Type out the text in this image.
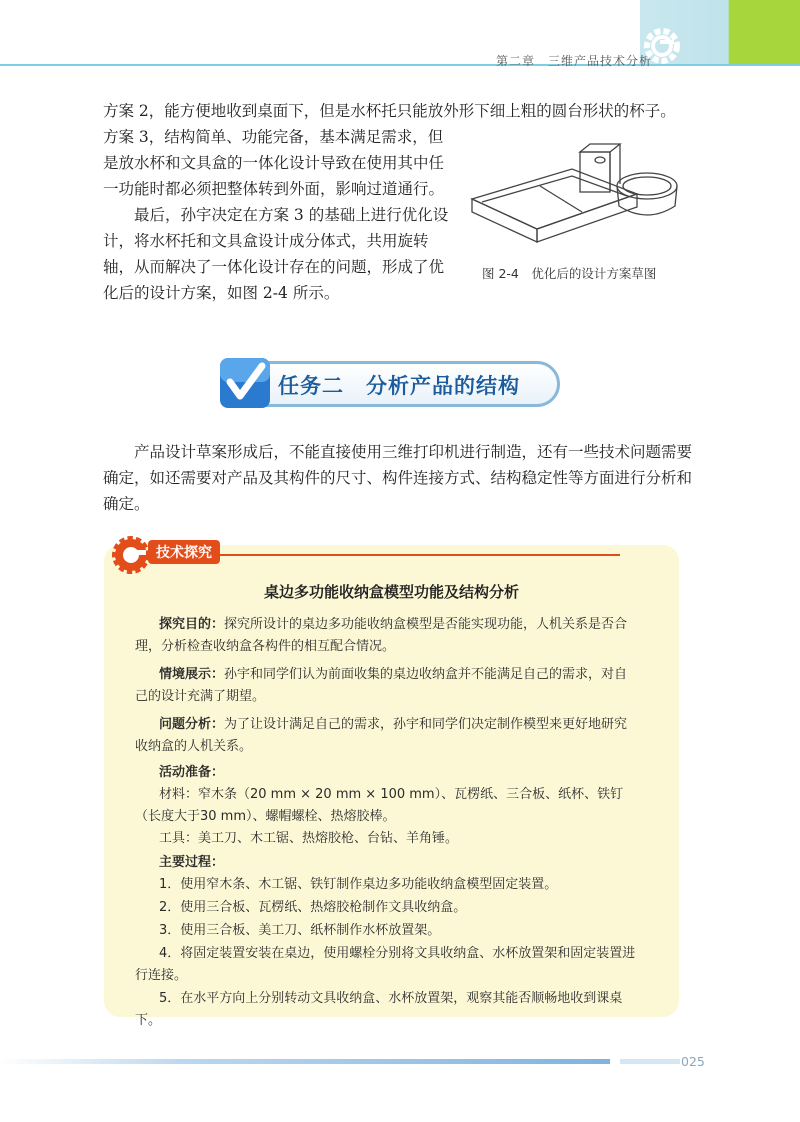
第二章　三维产品技术分析
方案 2，能方便地收到桌面下，但是水杯托只能放外形下细上粗的圆台形状的杯子。
方案 3，结构简单、功能完备，基本满足需求，但是放水杯和文具盒的一体化设计导致在使用其中任一功能时都必须把整体转到外面，影响过道通行。
最后，孙宇决定在方案 3 的基础上进行优化设计，将水杯托和文具盒设计成分体式，共用旋转轴，从而解决了一体化设计存在的问题，形成了优化后的设计方案，如图 2-4 所示。
图 2-4　优化后的设计方案草图
任务二 分析产品的结构
产品设计草案形成后，不能直接使用三维打印机进行制造，还有一些技术问题需要确定，如还需要对产品及其构件的尺寸、构件连接方式、结构稳定性等方面进行分析和确定。
技术探究
桌边多功能收纳盒模型功能及结构分析
探究目的：探究所设计的桌边多功能收纳盒模型是否能实现功能，人机关系是否合理，分析检查收纳盒各构件的相互配合情况。
情境展示：孙宇和同学们认为前面收集的桌边收纳盒并不能满足自己的需求，对自己的设计充满了期望。
问题分析：为了让设计满足自己的需求，孙宇和同学们决定制作模型来更好地研究收纳盒的人机关系。
活动准备：
材料：窄木条（20 mm × 20 mm × 100 mm）、瓦楞纸、三合板、纸杯、铁钉（长度大于30 mm）、螺帽螺栓、热熔胶棒。
工具：美工刀、木工锯、热熔胶枪、台钻、羊角锤。
主要过程：
1．使用窄木条、木工锯、铁钉制作桌边多功能收纳盒模型固定装置。
2．使用三合板、瓦楞纸、热熔胶枪制作文具收纳盒。
3．使用三合板、美工刀、纸杯制作水杯放置架。
4．将固定装置安装在桌边，使用螺栓分别将文具收纳盒、水杯放置架和固定装置进行连接。
5．在水平方向上分别转动文具收纳盒、水杯放置架，观察其能否顺畅地收到课桌下。
025
